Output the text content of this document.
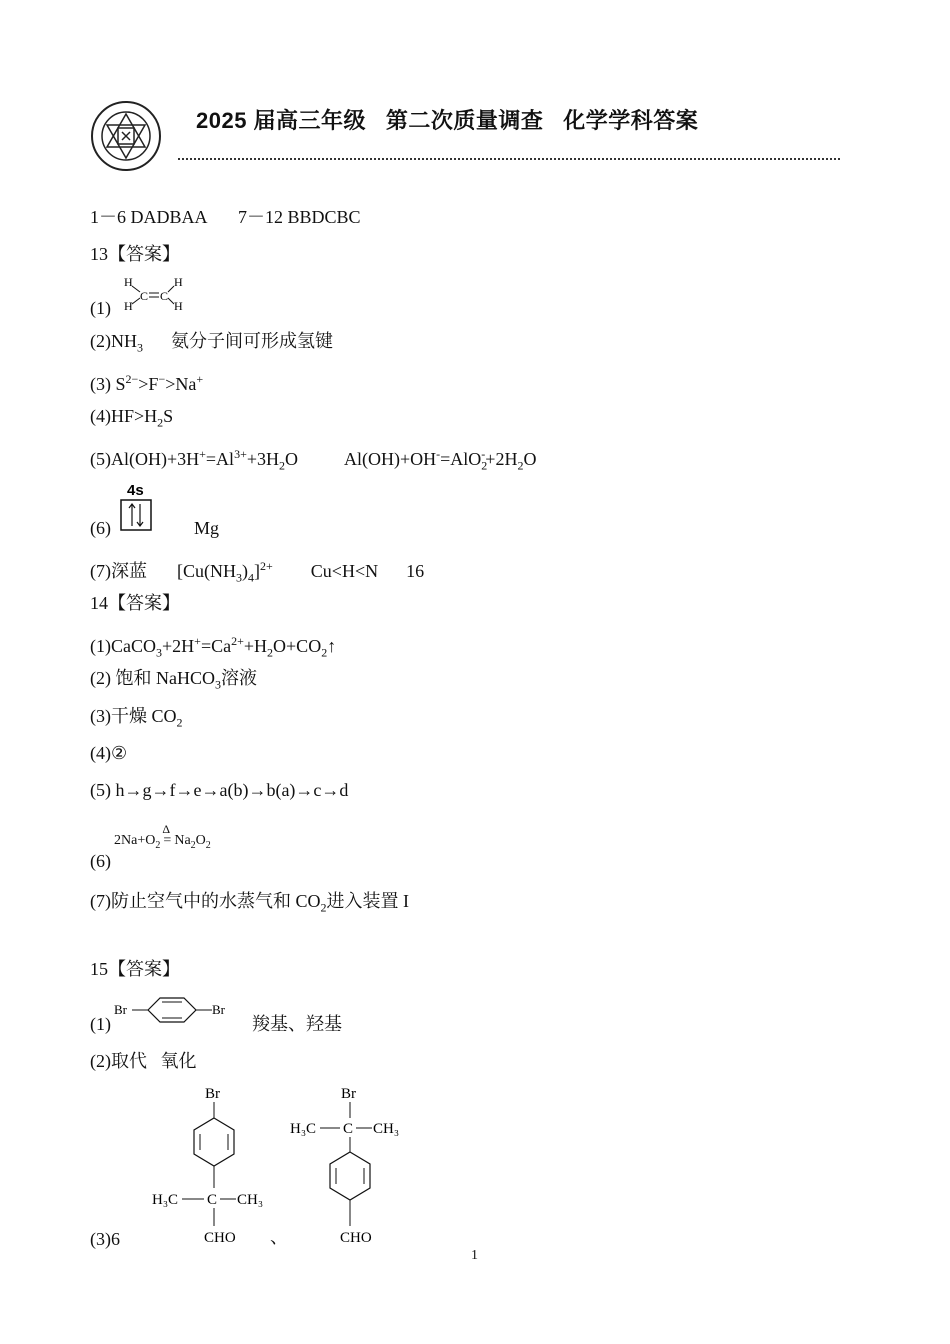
2025 届高三年级   第二次质量调查   化学学科答案
1－6 DADBAA       7－12 BBDCBC
13【答案】
(1)
H	H
H	H
C C
$(2)NH_3$ 氨分子间可形成氢键
(3) $S^{2-}>F^->Na^+$
$(4)HF>H_2S$
$(5)Al(OH)+3H^+=Al^{3+}+3H_2O$	$Al(OH)+OH^-=AlO_2^-+2H_2O$
(6)
4s
Mg
(7)深蓝 $[Cu(NH_3)_4]^{2+}$ Cu<H<N 16
14【答案】
$(1)CaCO_3+2H^+=Ca^{2+}+H_2O+CO_2↑$
(2) 饱和 NaHCO$_3$溶液
(3)干燥 $CO_2$
(4)②
(5) h→g→f→e→a(b)→b(a)→c→d
(6)
$2Na+O_2$
Δ
= $Na_2O_2$
(7)防止空气中的水蒸气和 $CO_2$进入装置 I
15【答案】
(1)
Br	Br
羧基、羟基
(2)取代   氧化
Br
H₃C C CH₃
CHO
(3)6	、
Br
H₃C C CH₃
CHO
1
